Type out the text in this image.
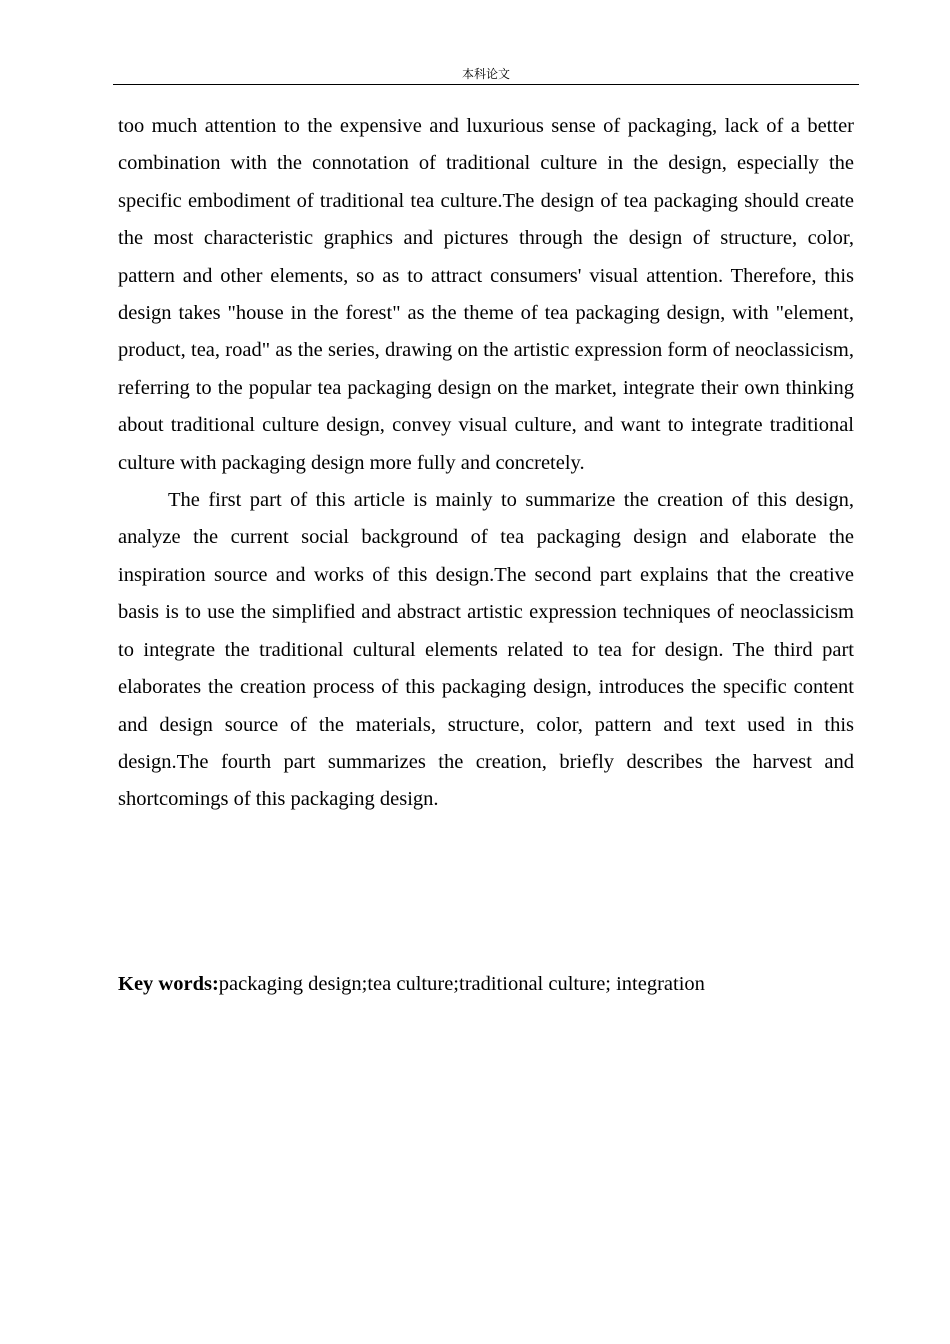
本科论文

too much attention to the expensive and luxurious sense of packaging, lack of a better combination with the connotation of traditional culture in the design, especially the specific embodiment of traditional tea culture.The design of tea packaging should create the most characteristic graphics and pictures through the design of structure, color, pattern and other elements, so as to attract consumers' visual attention. Therefore, this design takes "house in the forest" as the theme of tea packaging design, with "element, product, tea, road" as the series, drawing on the artistic expression form of neoclassicism, referring to the popular tea packaging design on the market, integrate their own thinking about traditional culture design, convey visual culture, and want to integrate traditional culture with packaging design more fully and concretely.

The first part of this article is mainly to summarize the creation of this design, analyze the current social background of tea packaging design and elaborate the inspiration source and works of this design.The second part explains that the creative basis is to use the simplified and abstract artistic expression techniques of neoclassicism to integrate the traditional cultural elements related to tea for design. The third part elaborates the creation process of this packaging design, introduces the specific content and design source of the materials, structure, color, pattern and text used in this design.The fourth part summarizes the creation, briefly describes the harvest and shortcomings of this packaging design.

Key words:packaging design;tea culture;traditional culture; integration
